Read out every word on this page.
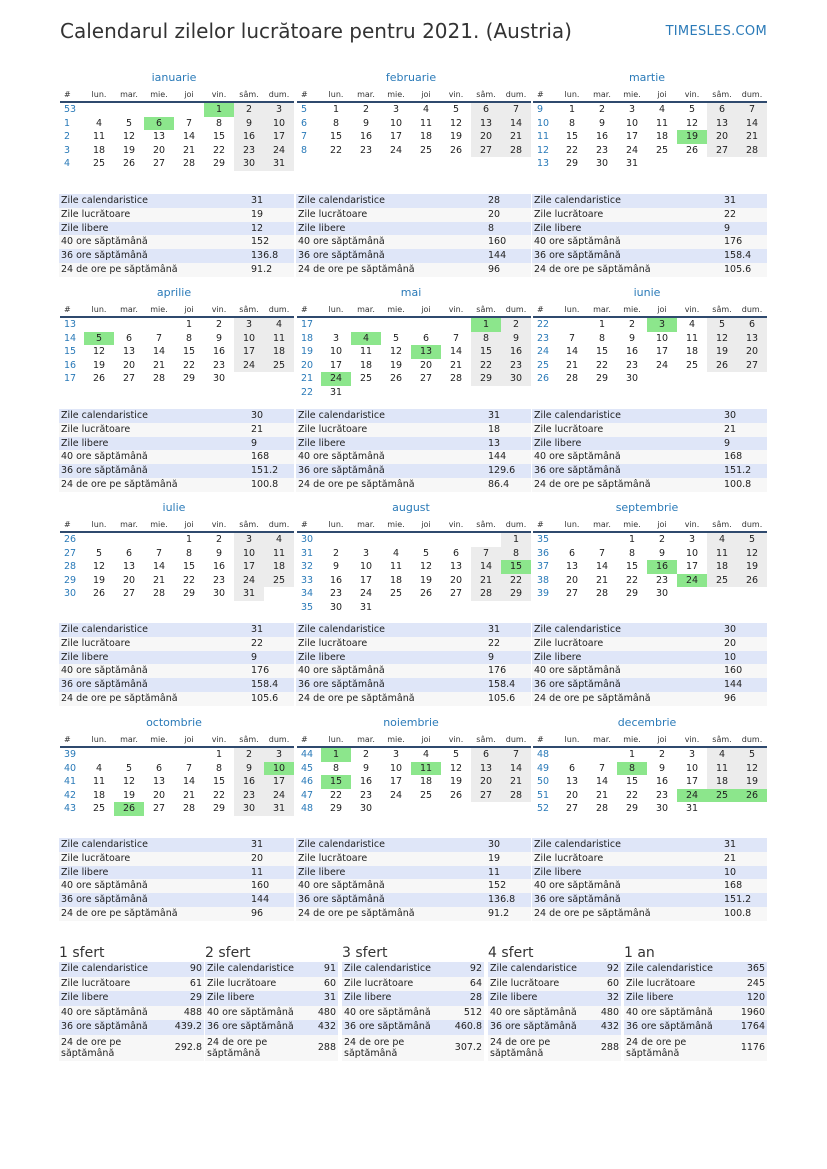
Calendarul zilelor lucrătoare pentru 2021. (Austria)	TIMESLES.COM
ianuarie
#	lun.	mar.	mie.	joi	vin.	sâm.	dum.
53					1	2	3
1	4	5	6	7	8	9	10
2	11	12	13	14	15	16	17
3	18	19	20	21	22	23	24
4	25	26	27	28	29	30	31
Zile calendaristice	31
Zile lucrătoare	19
Zile libere	12
40 ore săptămână	152
36 ore săptămână	136.8
24 de ore pe săptămână	91.2
februarie
#	lun.	mar.	mie.	joi	vin.	sâm.	dum.
5	1	2	3	4	5	6	7
6	8	9	10	11	12	13	14
7	15	16	17	18	19	20	21
8	22	23	24	25	26	27	28
Zile calendaristice	28
Zile lucrătoare	20
Zile libere	8
40 ore săptămână	160
36 ore săptămână	144
24 de ore pe săptămână	96
martie
#	lun.	mar.	mie.	joi	vin.	sâm.	dum.
9	1	2	3	4	5	6	7
10	8	9	10	11	12	13	14
11	15	16	17	18	19	20	21
12	22	23	24	25	26	27	28
13	29	30	31				
Zile calendaristice	31
Zile lucrătoare	22
Zile libere	9
40 ore săptămână	176
36 ore săptămână	158.4
24 de ore pe săptămână	105.6
aprilie
#	lun.	mar.	mie.	joi	vin.	sâm.	dum.
13				1	2	3	4
14	5	6	7	8	9	10	11
15	12	13	14	15	16	17	18
16	19	20	21	22	23	24	25
17	26	27	28	29	30		
Zile calendaristice	30
Zile lucrătoare	21
Zile libere	9
40 ore săptămână	168
36 ore săptămână	151.2
24 de ore pe săptămână	100.8
mai
#	lun.	mar.	mie.	joi	vin.	sâm.	dum.
17						1	2
18	3	4	5	6	7	8	9
19	10	11	12	13	14	15	16
20	17	18	19	20	21	22	23
21	24	25	26	27	28	29	30
22	31						
Zile calendaristice	31
Zile lucrătoare	18
Zile libere	13
40 ore săptămână	144
36 ore săptămână	129.6
24 de ore pe săptămână	86.4
iunie
#	lun.	mar.	mie.	joi	vin.	sâm.	dum.
22		1	2	3	4	5	6
23	7	8	9	10	11	12	13
24	14	15	16	17	18	19	20
25	21	22	23	24	25	26	27
26	28	29	30				
Zile calendaristice	30
Zile lucrătoare	21
Zile libere	9
40 ore săptămână	168
36 ore săptămână	151.2
24 de ore pe săptămână	100.8
iulie
#	lun.	mar.	mie.	joi	vin.	sâm.	dum.
26				1	2	3	4
27	5	6	7	8	9	10	11
28	12	13	14	15	16	17	18
29	19	20	21	22	23	24	25
30	26	27	28	29	30	31	
Zile calendaristice	31
Zile lucrătoare	22
Zile libere	9
40 ore săptămână	176
36 ore săptămână	158.4
24 de ore pe săptămână	105.6
august
#	lun.	mar.	mie.	joi	vin.	sâm.	dum.
30							1
31	2	3	4	5	6	7	8
32	9	10	11	12	13	14	15
33	16	17	18	19	20	21	22
34	23	24	25	26	27	28	29
35	30	31					
Zile calendaristice	31
Zile lucrătoare	22
Zile libere	9
40 ore săptămână	176
36 ore săptămână	158.4
24 de ore pe săptămână	105.6
septembrie
#	lun.	mar.	mie.	joi	vin.	sâm.	dum.
35			1	2	3	4	5
36	6	7	8	9	10	11	12
37	13	14	15	16	17	18	19
38	20	21	22	23	24	25	26
39	27	28	29	30			
Zile calendaristice	30
Zile lucrătoare	20
Zile libere	10
40 ore săptămână	160
36 ore săptămână	144
24 de ore pe săptămână	96
octombrie
#	lun.	mar.	mie.	joi	vin.	sâm.	dum.
39					1	2	3
40	4	5	6	7	8	9	10
41	11	12	13	14	15	16	17
42	18	19	20	21	22	23	24
43	25	26	27	28	29	30	31
Zile calendaristice	31
Zile lucrătoare	20
Zile libere	11
40 ore săptămână	160
36 ore săptămână	144
24 de ore pe săptămână	96
noiembrie
#	lun.	mar.	mie.	joi	vin.	sâm.	dum.
44	1	2	3	4	5	6	7
45	8	9	10	11	12	13	14
46	15	16	17	18	19	20	21
47	22	23	24	25	26	27	28
48	29	30					
Zile calendaristice	30
Zile lucrătoare	19
Zile libere	11
40 ore săptămână	152
36 ore săptămână	136.8
24 de ore pe săptămână	91.2
decembrie
#	lun.	mar.	mie.	joi	vin.	sâm.	dum.
48			1	2	3	4	5
49	6	7	8	9	10	11	12
50	13	14	15	16	17	18	19
51	20	21	22	23	24	25	26
52	27	28	29	30	31		
Zile calendaristice	31
Zile lucrătoare	21
Zile libere	10
40 ore săptămână	168
36 ore săptămână	151.2
24 de ore pe săptămână	100.8
1 sfert
Zile calendaristice	90
Zile lucrătoare	61
Zile libere	29
40 ore săptămână	488
36 ore săptămână	439.2
24 de ore pe săptămână	292.8
2 sfert
Zile calendaristice	91
Zile lucrătoare	60
Zile libere	31
40 ore săptămână	480
36 ore săptămână	432
24 de ore pe săptămână	288
3 sfert
Zile calendaristice	92
Zile lucrătoare	64
Zile libere	28
40 ore săptămână	512
36 ore săptămână	460.8
24 de ore pe săptămână	307.2
4 sfert
Zile calendaristice	92
Zile lucrătoare	60
Zile libere	32
40 ore săptămână	480
36 ore săptămână	432
24 de ore pe săptămână	288
1 an
Zile calendaristice	365
Zile lucrătoare	245
Zile libere	120
40 ore săptămână	1960
36 ore săptămână	1764
24 de ore pe săptămână	1176
